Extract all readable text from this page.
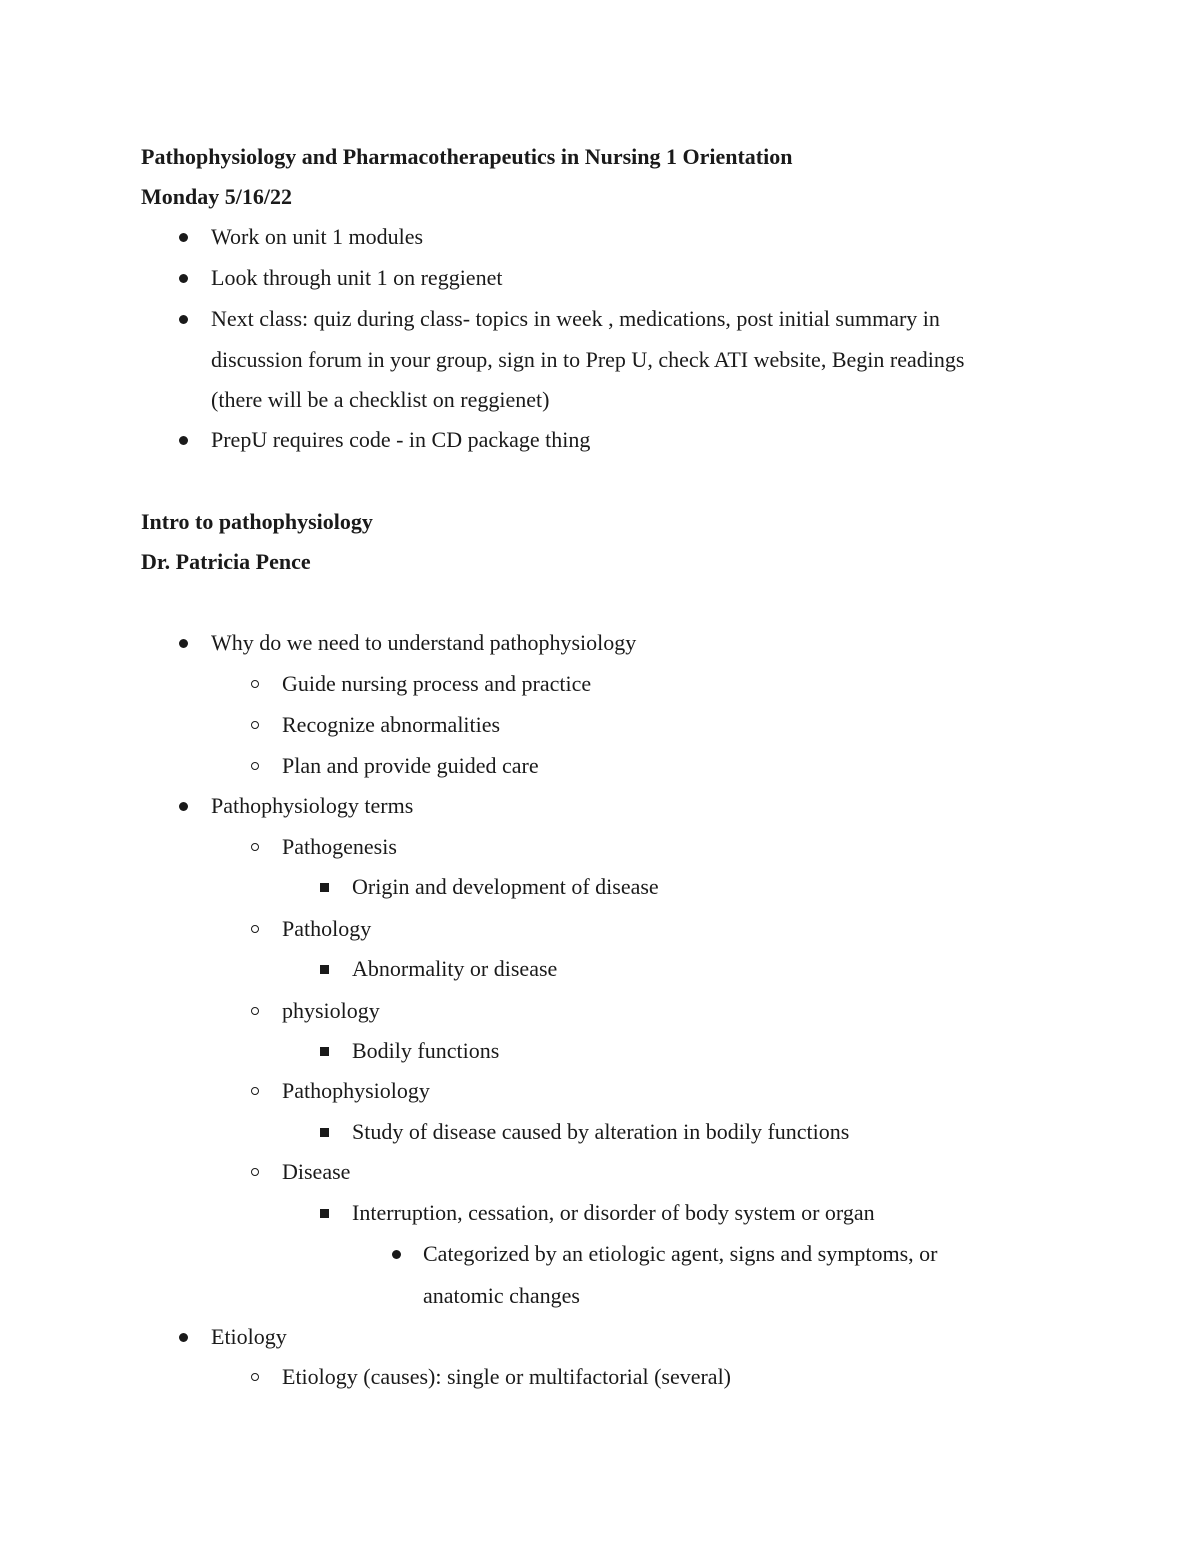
Pathophysiology and Pharmacotherapeutics in Nursing 1 Orientation
Monday 5/16/22
Work on unit 1 modules
Look through unit 1 on reggienet
Next class: quiz during class- topics in week , medications, post initial summary in
discussion forum in your group, sign in to Prep U, check ATI website, Begin readings
(there will be a checklist on reggienet)
PrepU requires code - in CD package thing
Intro to pathophysiology
Dr. Patricia Pence
Why do we need to understand pathophysiology
Guide nursing process and practice
Recognize abnormalities
Plan and provide guided care
Pathophysiology terms
Pathogenesis
Origin and development of disease
Pathology
Abnormality or disease
physiology
Bodily functions
Pathophysiology
Study of disease caused by alteration in bodily functions
Disease
Interruption, cessation, or disorder of body system or organ
Categorized by an etiologic agent, signs and symptoms, or
anatomic changes
Etiology
Etiology (causes): single or multifactorial (several)
